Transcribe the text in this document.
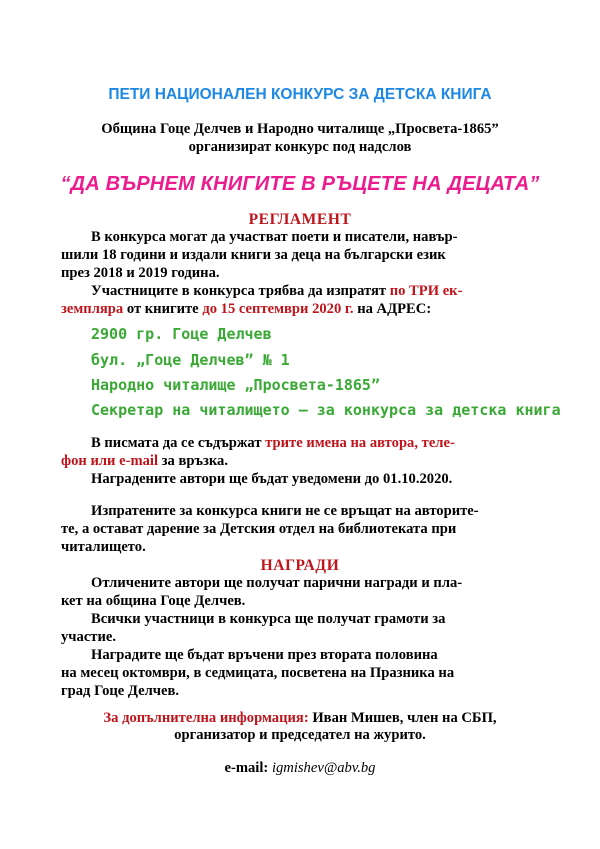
ПЕТИ НАЦИОНАЛЕН КОНКУРС ЗА ДЕТСКА КНИГА
Община Гоце Делчев и Народно читалище „Просвета-1865”
организират конкурс под надслов
“ДА ВЪРНЕМ КНИГИТЕ В РЪЦЕТЕ НА ДЕЦАТА”
РЕГЛАМЕНТ
В конкурса могат да участват поети и писатели, навър-
шили 18 години и издали книги за деца на български език
през 2018 и 2019 година.
Участниците в конкурса трябва да изпратят по ТРИ ек-
земпляра от книгите до 15 септември 2020 г. на АДРЕС:
2900 гр. Гоце Делчев
бул. „Гоце Делчев” № 1
Народно читалище „Просвета-1865”
Секретар на читалището – за конкурса за детска книга
В писмата да се съдържат трите имена на автора, теле-
фон или e-mail за връзка.
Наградените автори ще бъдат уведомени до 01.10.2020.
Изпратените за конкурса книги не се връщат на авторите-
те, а остават дарение за Детския отдел на библиотеката при
читалището.
НАГРАДИ
Отличените автори ще получат парични награди и пла-
кет на община Гоце Делчев.
Всички участници в конкурса ще получат грамоти за
участие.
Наградите ще бъдат връчени през втората половина
на месец октомври, в седмицата, посветена на Празника на
град Гоце Делчев.
За допълнителна информация: Иван Мишев, член на СБП,
организатор и председател на журито.
e-mail: igmishev@abv.bg
